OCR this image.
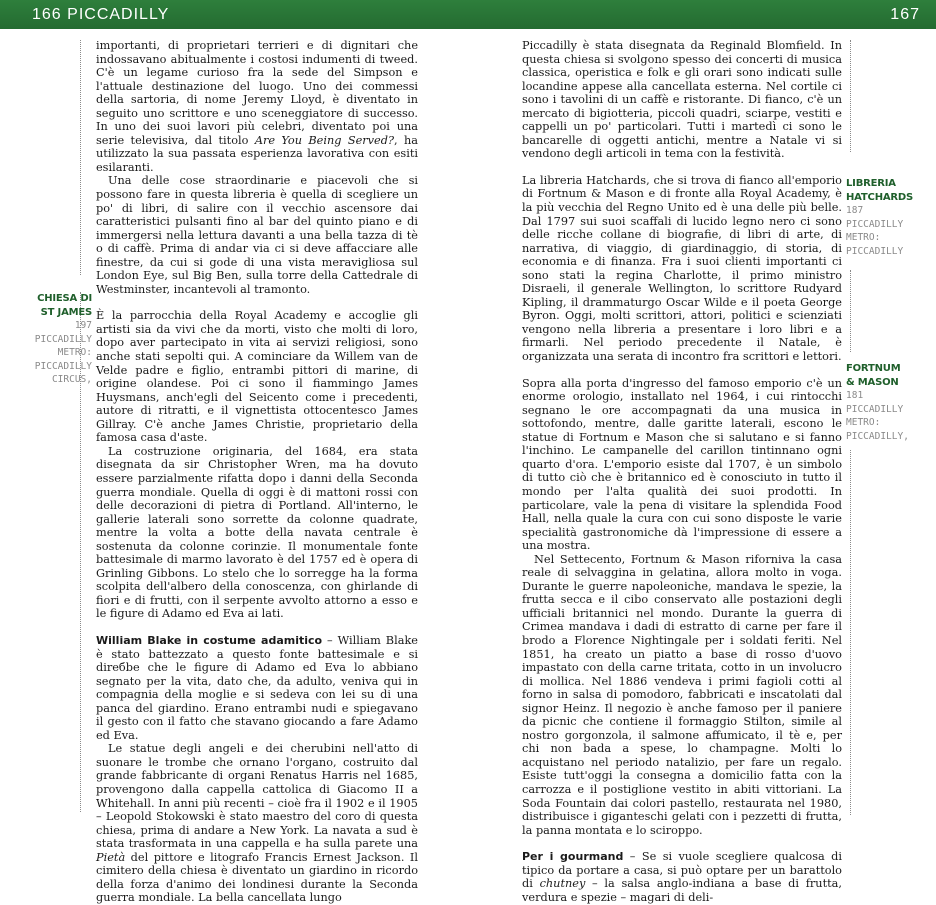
166 PICCADILLY	167
CHIESA DI
ST JAMES
197
PICCADILLY
METRO:
PICCADILLY
CIRCUS,
LIBRERIA
HATCHARDS
187
PICCADILLY
METRO:
PICCADILLY
FORTNUM
& MASON
181
PICCADILLY
METRO:
PICCADILLY,

importanti, di proprietari terrieri e di dignitari che indossavano abitualmente i costosi indumenti di tweed. C'è un legame curioso fra la sede del Simpson e l'attuale destinazione del luogo. Uno dei commessi della sartoria, di nome Jeremy Lloyd, è diventato in seguito uno scrittore e uno sceneggiatore di successo. In uno dei suoi lavori più celebri, diventato poi una serie televisiva, dal titolo Are You Being Served?, ha utilizzato la sua passata esperienza lavorativa con esiti esilaranti.

Una delle cose straordinarie e piacevoli che si possono fare in questa libreria è quella di scegliere un po' di libri, di salire con il vecchio ascensore dai caratteristici pulsanti fino al bar del quinto piano e di immergersi nella lettura davanti a una bella tazza di tè o di caffè. Prima di andar via ci si deve affacciare alle finestre, da cui si gode di una vista meravigliosa sul London Eye, sul Big Ben, sulla torre della Cattedrale di Westminster, incantevoli al tramonto.

È la parrocchia della Royal Academy e accoglie gli artisti sia da vivi che da morti, visto che molti di loro, dopo aver partecipato in vita ai servizi religiosi, sono anche stati sepolti qui. A cominciare da Willem van de Velde padre e figlio, entrambi pittori di marine, di origine olandese. Poi ci sono il fiammingo James Huysmans, anch'egli del Seicento come i precedenti, autore di ritratti, e il vignettista ottocentesco James Gillray. C'è anche James Christie, proprietario della famosa casa d'aste.

La costruzione originaria, del 1684, era stata disegnata da sir Christopher Wren, ma ha dovuto essere parzialmente rifatta dopo i danni della Seconda guerra mondiale. Quella di oggi è di mattoni rossi con delle decorazioni di pietra di Portland. All'interno, le gallerie laterali sono sorrette da colonne quadrate, mentre la volta a botte della navata centrale è sostenuta da colonne corinzie. Il monumentale fonte battesimale di marmo lavorato è del 1757 ed è opera di Grinling Gibbons. Lo stelo che lo sorregge ha la forma scolpita dell'albero della conoscenza, con ghirlande di fiori e di frutti, con il serpente avvolto attorno a esso e le figure di Adamo ed Eva ai lati.

William Blake in costume adamitico – William Blake è stato battezzato a questo fonte battesimale e si dirебbe che le figure di Adamo ed Eva lo abbiano segnato per la vita, dato che, da adulto, veniva qui in compagnia della moglie e si sedeva con lei su di una panca del giardino. Erano entrambi nudi e spiegavano il gesto con il fatto che stavano giocando a fare Adamo ed Eva.

Le statue degli angeli e dei cherubini nell'atto di suonare le trombe che ornano l'organo, costruito dal grande fabbricante di organi Renatus Harris nel 1685, provengono dalla cappella cattolica di Giacomo II a Whitehall. In anni più recenti – cioè fra il 1902 e il 1905 – Leopold Stokowski è stato maestro del coro di questa chiesa, prima di andare a New York. La navata a sud è stata trasformata in una cappella e ha sulla parete una Pietà del pittore e litografo Francis Ernest Jackson. Il cimitero della chiesa è diventato un giardino in ricordo della forza d'animo dei londinesi durante la Seconda guerra mondiale. La bella cancellata lungo

Piccadilly è stata disegnata da Reginald Blomfield. In questa chiesa si svolgono spesso dei concerti di musica classica, operistica e folk e gli orari sono indicati sulle locandine appese alla cancellata esterna. Nel cortile ci sono i tavolini di un caffè e ristorante. Di fianco, c'è un mercato di bigiotteria, piccoli quadri, sciarpe, vestiti e cappelli un po' particolari. Tutti i martedì ci sono le bancarelle di oggetti antichi, mentre a Natale vi si vendono degli articoli in tema con la festività.

La libreria Hatchards, che si trova di fianco all'emporio di Fortnum & Mason e di fronte alla Royal Academy, è la più vecchia del Regno Unito ed è una delle più belle. Dal 1797 sui suoi scaffali di lucido legno nero ci sono delle ricche collane di biografie, di libri di arte, di narrativa, di viaggio, di giardinaggio, di storia, di economia e di finanza. Fra i suoi clienti importanti ci sono stati la regina Charlotte, il primo ministro Disraeli, il generale Wellington, lo scrittore Rudyard Kipling, il drammaturgo Oscar Wilde e il poeta George Byron. Oggi, molti scrittori, attori, politici e scienziati vengono nella libreria a presentare i loro libri e a firmarli. Nel periodo precedente il Natale, è organizzata una serata di incontro fra scrittori e lettori.

Sopra alla porta d'ingresso del famoso emporio c'è un enorme orologio, installato nel 1964, i cui rintocchi segnano le ore accompagnati da una musica in sottofondo, mentre, dalle garitte laterali, escono le statue di Fortnum e Mason che si salutano e si fanno l'inchino. Le campanelle del carillon tintinnano ogni quarto d'ora. L'emporio esiste dal 1707, è un simbolo di tutto ciò che è britannico ed è conosciuto in tutto il mondo per l'alta qualità dei suoi prodotti. In particolare, vale la pena di visitare la splendida Food Hall, nella quale la cura con cui sono disposte le varie specialità gastronomiche dà l'impressione di essere a una mostra.

Nel Settecento, Fortnum & Mason riforniva la casa reale di selvaggina in gelatina, allora molto in voga. Durante le guerre napoleoniche, mandava le spezie, la frutta secca e il cibo conservato alle postazioni degli ufficiali britannici nel mondo. Durante la guerra di Crimea mandava i dadi di estratto di carne per fare il brodo a Florence Nightingale per i soldati feriti. Nel 1851, ha creato un piatto a base di rosso d'uovo impastato con della carne tritata, cotto in un involucro di mollica. Nel 1886 vendeva i primi fagioli cotti al forno in salsa di pomodoro, fabbricati e inscatolati dal signor Heinz. Il negozio è anche famoso per il paniere da picnic che contiene il formaggio Stilton, simile al nostro gorgonzola, il salmone affumicato, il tè e, per chi non bada a spese, lo champagne. Molti lo acquistano nel periodo natalizio, per fare un regalo. Esiste tutt'oggi la consegna a domicilio fatta con la carrozza e il postiglione vestito in abiti vittoriani. La Soda Fountain dai colori pastello, restaurata nel 1980, distribuisce i giganteschi gelati con i pezzetti di frutta, la panna montata e lo sciroppo.

Per i gourmand – Se si vuole scegliere qualcosa di tipico da portare a casa, si può optare per un barattolo di chutney – la salsa anglo-indiana a base di frutta, verdura e spezie – magari di deli-
